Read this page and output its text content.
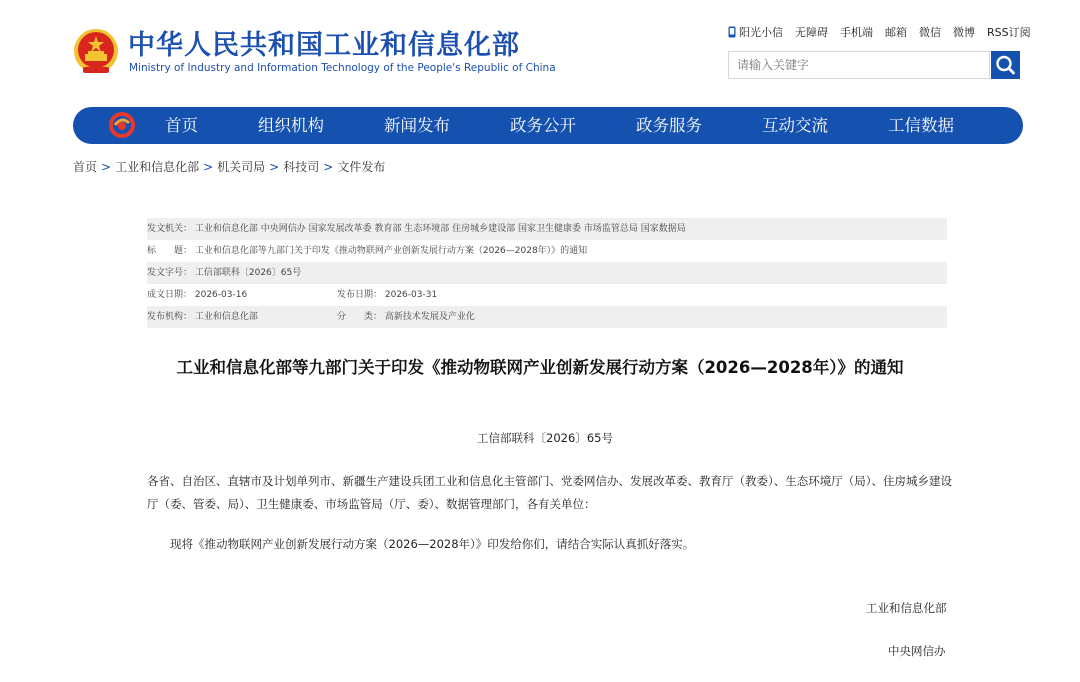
中华人民共和国工业和信息化部
Ministry of Industry and Information Technology of the People's Republic of China
阳光小信 无障碍 手机端 邮箱 微信 微博 RSS订阅
请输入关键字
首页	组织机构	新闻发布	政务公开	政务服务	互动交流	工信数据
首页 > 工业和信息化部 > 机关司局 > 科技司 > 文件发布
发文机关： 工业和信息化部 中央网信办 国家发展改革委 教育部 生态环境部 住房城乡建设部 国家卫生健康委 市场监管总局 国家数据局
标　　题： 工业和信息化部等九部门关于印发《推动物联网产业创新发展行动方案（2026—2028年）》的通知
发文字号： 工信部联科〔2026〕65号
成文日期： 2026-03-16	发布日期： 2026-03-31
发布机构： 工业和信息化部	分　　类： 高新技术发展及产业化
工业和信息化部等九部门关于印发《推动物联网产业创新发展行动方案（2026—2028年）》的通知
工信部联科〔2026〕65号
各省、自治区、直辖市及计划单列市、新疆生产建设兵团工业和信息化主管部门、党委网信办、发展改革委、教育厅（教委）、生态环境厅（局）、住房城乡建设厅（委、管委、局）、卫生健康委、市场监管局（厅、委）、数据管理部门，各有关单位：
现将《推动物联网产业创新发展行动方案（2026—2028年）》印发给你们，请结合实际认真抓好落实。
工业和信息化部
中央网信办
